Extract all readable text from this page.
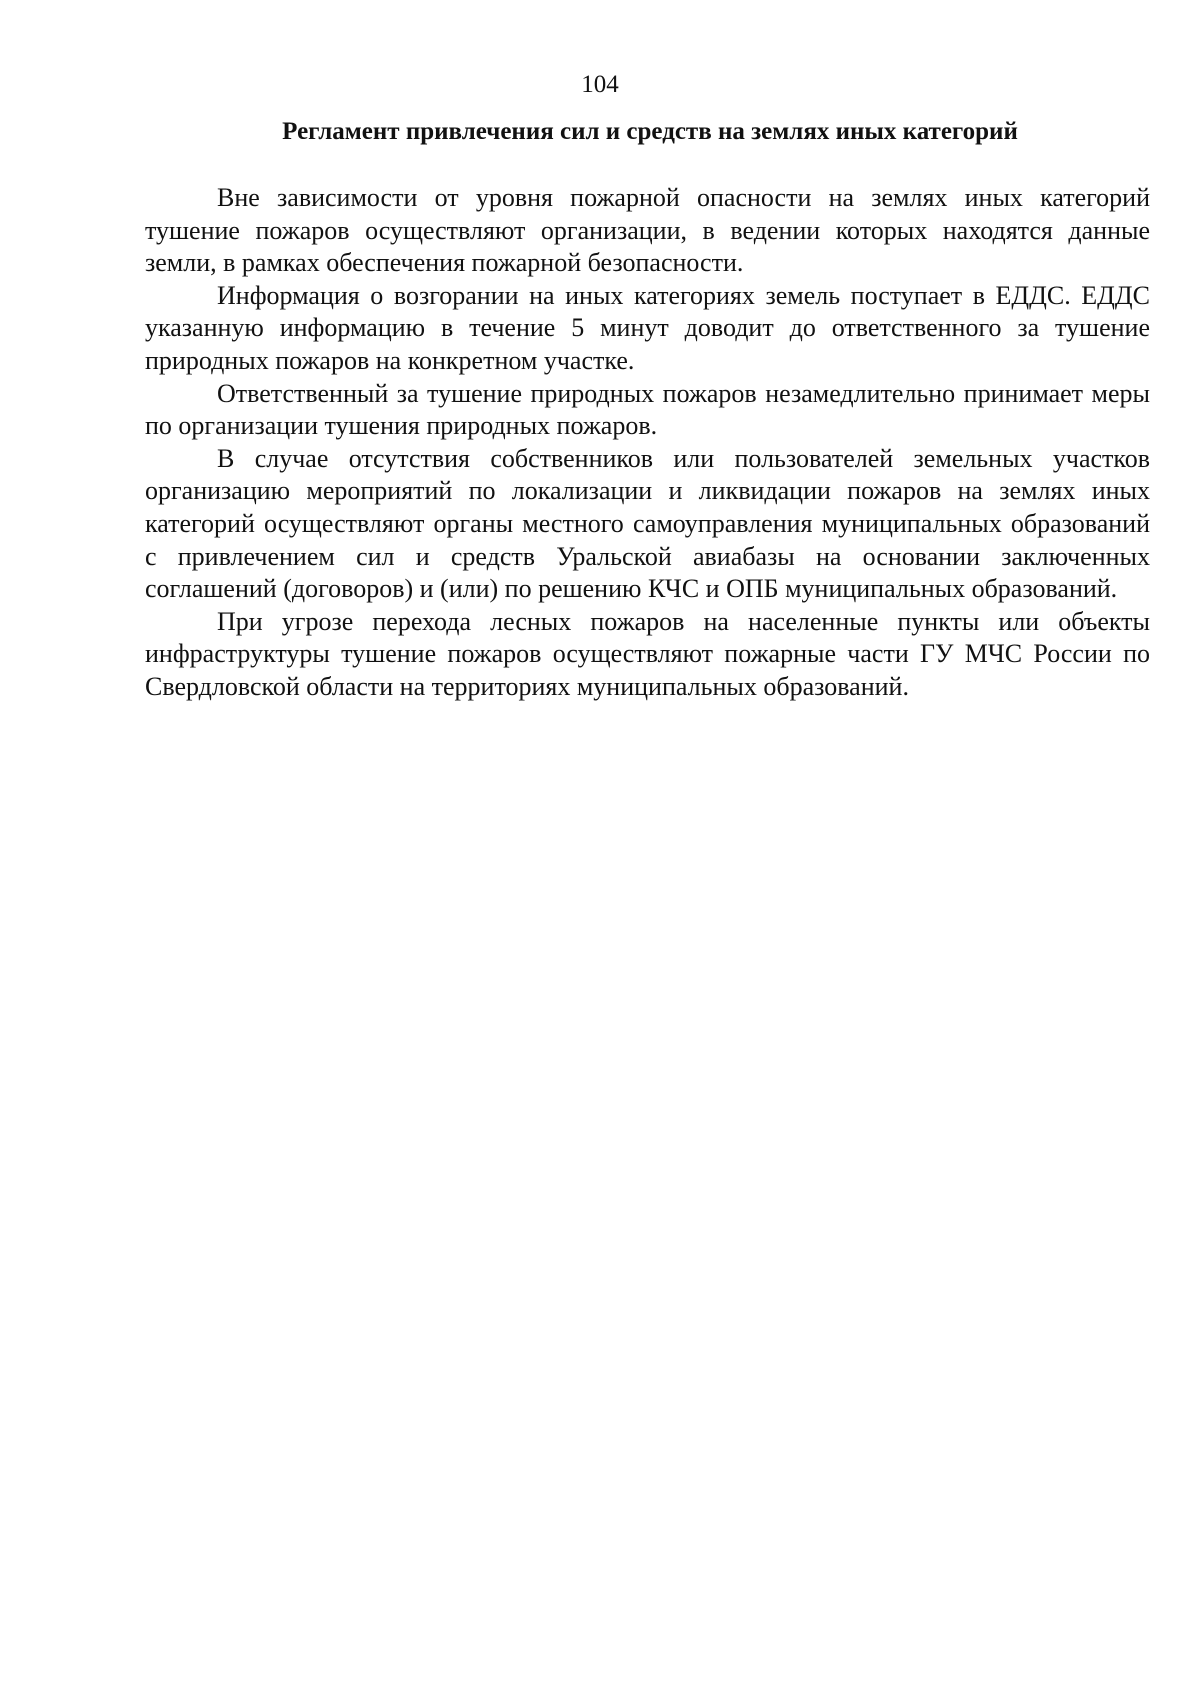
104
Регламент привлечения сил и средств на землях иных категорий

Вне зависимости от уровня пожарной опасности на землях иных категорий тушение пожаров осуществляют организации, в ведении которых находятся данные земли, в рамках обеспечения пожарной безопасности.

Информация о возгорании на иных категориях земель поступает в ЕДДС. ЕДДС указанную информацию в течение 5 минут доводит до ответственного за тушение природных пожаров на конкретном участке.

Ответственный за тушение природных пожаров незамедлительно принимает меры по организации тушения природных пожаров.

В случае отсутствия собственников или пользователей земельных участков организацию мероприятий по локализации и ликвидации пожаров на землях иных категорий осуществляют органы местного самоуправления муниципальных образований с привлечением сил и средств Уральской авиабазы на основании заключенных соглашений (договоров) и (или) по решению КЧС и ОПБ муниципальных образований.

При угрозе перехода лесных пожаров на населенные пункты или объекты инфраструктуры тушение пожаров осуществляют пожарные части ГУ МЧС России по Свердловской области на территориях муниципальных образований.
